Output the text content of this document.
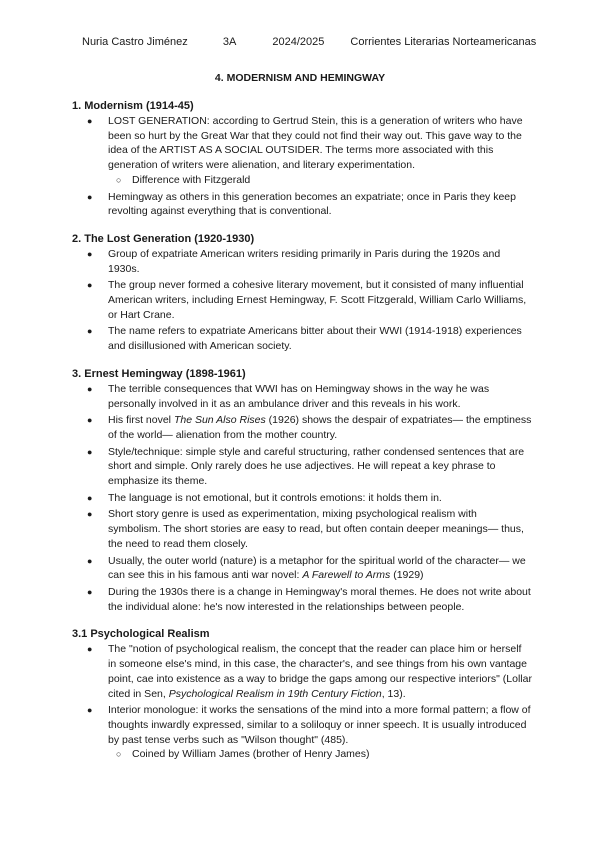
Nuria Castro Jiménez	3A	2024/2025 Corrientes Literarias Norteamericanas
4. MODERNISM AND HEMINGWAY
1. Modernism (1914-45)
● LOST GENERATION: according to Gertrud Stein, this is a generation of writers who have been so hurt by the Great War that they could not find their way out. This gave way to the idea of the ARTIST AS A SOCIAL OUTSIDER. The terms more associated with this generation of writers were alienation, and literary experimentation.
○ Difference with Fitzgerald
● Hemingway as others in this generation becomes an expatriate; once in Paris they keep revolting against everything that is conventional.
2. The Lost Generation (1920-1930)
● Group of expatriate American writers residing primarily in Paris during the 1920s and 1930s.
● The group never formed a cohesive literary movement, but it consisted of many influential American writers, including Ernest Hemingway, F. Scott Fitzgerald, William Carlo Williams, or Hart Crane.
● The name refers to expatriate Americans bitter about their WWI (1914-1918) experiences and disillusioned with American society.
3. Ernest Hemingway (1898-1961)
● The terrible consequences that WWI has on Hemingway shows in the way he was personally involved in it as an ambulance driver and this reveals in his work.
● His first novel The Sun Also Rises (1926) shows the despair of expatriates— the emptiness of the world— alienation from the mother country.
● Style/technique: simple style and careful structuring, rather condensed sentences that are short and simple. Only rarely does he use adjectives. He will repeat a key phrase to emphasize its theme.
● The language is not emotional, but it controls emotions: it holds them in.
● Short story genre is used as experimentation, mixing psychological realism with symbolism. The short stories are easy to read, but often contain deeper meanings— thus, the need to read them closely.
● Usually, the outer world (nature) is a metaphor for the spiritual world of the character— we can see this in his famous anti war novel: A Farewell to Arms (1929)
● During the 1930s there is a change in Hemingway's moral themes. He does not write about the individual alone: he's now interested in the relationships between people.
3.1 Psychological Realism
● The "notion of psychological realism, the concept that the reader can place him or herself in someone else's mind, in this case, the character's, and see things from his own vantage point, cae into existence as a way to bridge the gaps among our respective interiors" (Lollar cited in Sen, Psychological Realism in 19th Century Fiction, 13).
● Interior monologue: it works the sensations of the mind into a more formal pattern; a flow of thoughts inwardly expressed, similar to a soliloquy or inner speech. It is usually introduced by past tense verbs such as "Wilson thought" (485).
○ Coined by William James (brother of Henry James)
